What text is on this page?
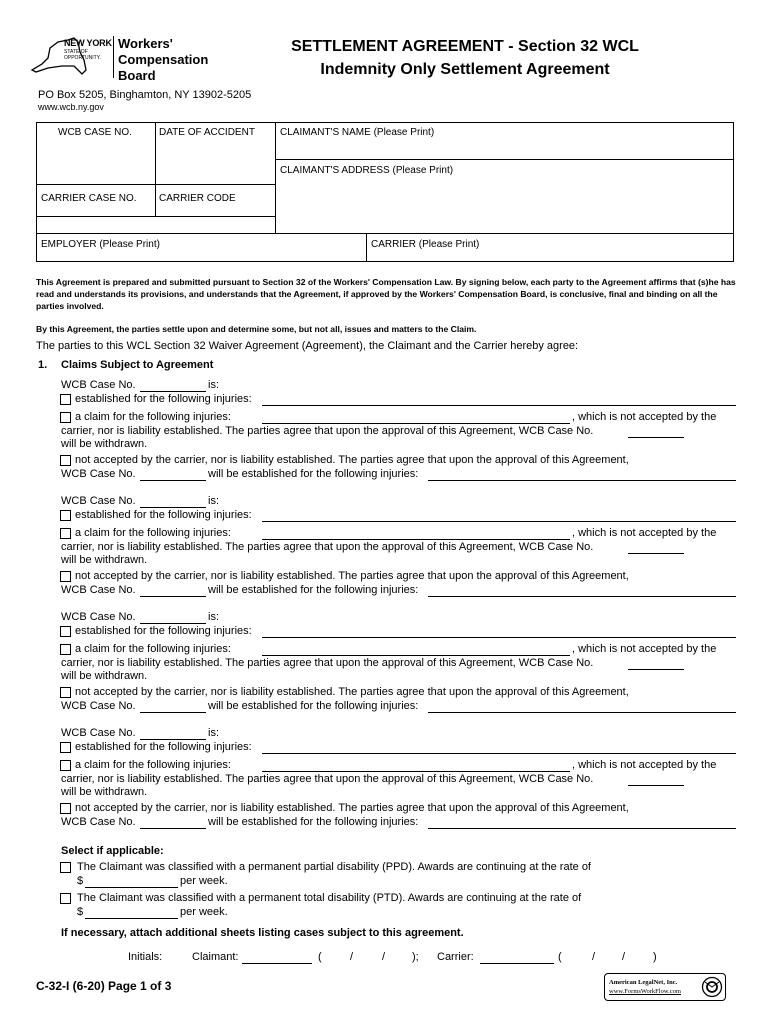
NEW YORK
STATE OF
OPPORTUNITY.
Workers'
Compensation
Board
SETTLEMENT AGREEMENT - Section 32 WCL
Indemnity Only Settlement Agreement
PO Box 5205, Binghamton, NY 13902-5205
www.wcb.ny.gov
WCB CASE NO.	DATE OF ACCIDENT	CLAIMANT'S NAME (Please Print)
CLAIMANT'S ADDRESS (Please Print)
CARRIER CASE NO. CARRIER CODE
EMPLOYER (Please Print)	CARRIER (Please Print)
This Agreement is prepared and submitted pursuant to Section 32 of the Workers' Compensation Law. By signing below, each party to the Agreement affirms that (s)he has read and understands its provisions, and understands that the Agreement, if approved by the Workers' Compensation Board, is conclusive, final and binding on all the parties involved.
By this Agreement, the parties settle upon and determine some, but not all, issues and matters to the Claim.
The parties to this WCL Section 32 Waiver Agreement (Agreement), the Claimant and the Carrier hereby agree:
1. Claims Subject to Agreement
WCB Case No.	is:
established for the following injuries:
a claim for the following injuries:	, which is not accepted by the
carrier, nor is liability established. The parties agree that upon the approval of this Agreement, WCB Case No.
will be withdrawn.
not accepted by the carrier, nor is liability established. The parties agree that upon the approval of this Agreement,
WCB Case No.	will be established for the following injuries:
WCB Case No.	is:
established for the following injuries:
a claim for the following injuries:	, which is not accepted by the
carrier, nor is liability established. The parties agree that upon the approval of this Agreement, WCB Case No.
will be withdrawn.
not accepted by the carrier, nor is liability established. The parties agree that upon the approval of this Agreement,
WCB Case No.	will be established for the following injuries:
WCB Case No.	is:
established for the following injuries:
a claim for the following injuries:	, which is not accepted by the
carrier, nor is liability established. The parties agree that upon the approval of this Agreement, WCB Case No.
will be withdrawn.
not accepted by the carrier, nor is liability established. The parties agree that upon the approval of this Agreement,
WCB Case No.	will be established for the following injuries:
WCB Case No.	is:
established for the following injuries:
a claim for the following injuries:	, which is not accepted by the
carrier, nor is liability established. The parties agree that upon the approval of this Agreement, WCB Case No.
will be withdrawn.
not accepted by the carrier, nor is liability established. The parties agree that upon the approval of this Agreement,
WCB Case No.	will be established for the following injuries:
Select if applicable:
The Claimant was classified with a permanent partial disability (PPD). Awards are continuing at the rate of
$	per week.
The Claimant was classified with a permanent total disability (PTD). Awards are continuing at the rate of
$	per week.
If necessary, attach additional sheets listing cases subject to this agreement.
Initials:	Claimant:	(	/	/ ); Carrier:	(	/ /	)
C-32-I (6-20) Page 1 of 3	American LegalNet, Inc.
www.FormsWorkFlow.com
